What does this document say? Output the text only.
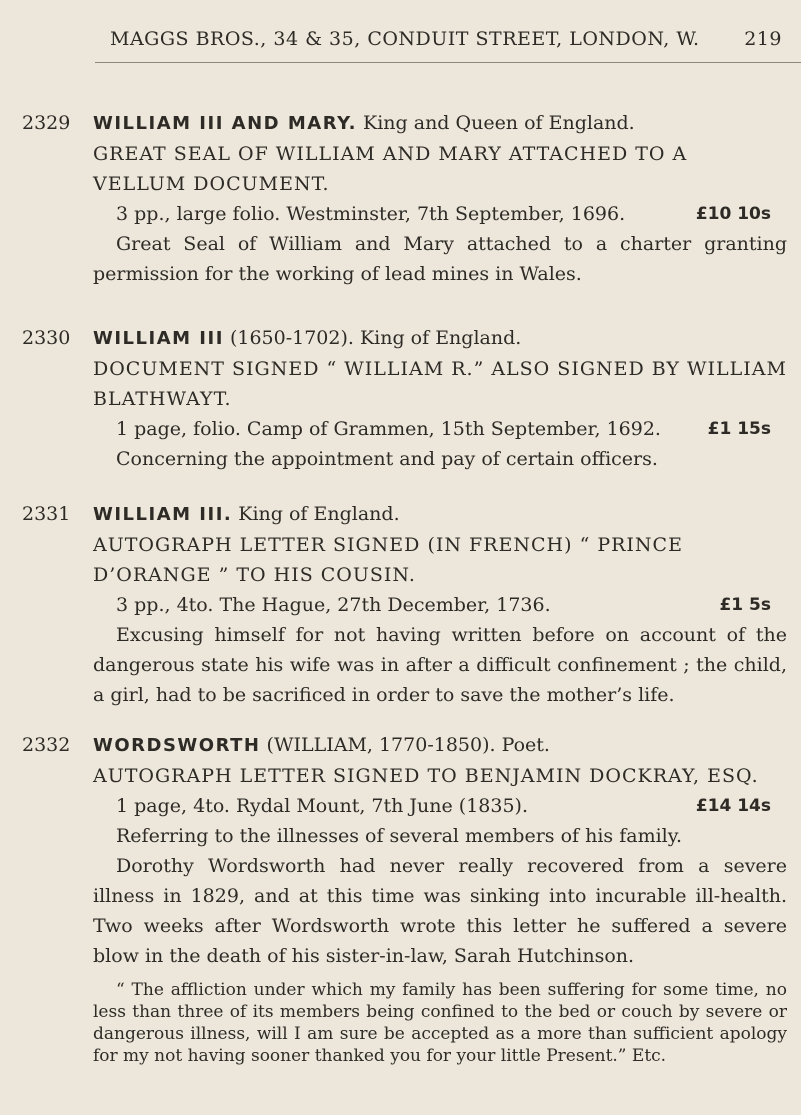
MAGGS BROS., 34 & 35, CONDUIT STREET, LONDON, W. 219
2329 WILLIAM III AND MARY. King and Queen of England.
GREAT SEAL OF WILLIAM AND MARY ATTACHED TO A VELLUM DOCUMENT.
3 pp., large folio. Westminster, 7th September, 1696.	£10 10s
Great Seal of William and Mary attached to a charter granting permission for the working of lead mines in Wales.
2330 WILLIAM III (1650-1702). King of England.
DOCUMENT SIGNED “ WILLIAM R.” ALSO SIGNED BY WILLIAM BLATHWAYT.
1 page, folio. Camp of Grammen, 15th September, 1692.	£1 15s
Concerning the appointment and pay of certain officers.
2331 WILLIAM III. King of England.
AUTOGRAPH LETTER SIGNED (IN FRENCH) “ PRINCE D’ORANGE ” TO HIS COUSIN.
3 pp., 4to. The Hague, 27th December, 1736.	£1 5s
Excusing himself for not having written before on account of the dangerous state his wife was in after a difficult confinement ; the child, a girl, had to be sacrificed in order to save the mother’s life.
2332 WORDSWORTH (WILLIAM, 1770-1850). Poet.
AUTOGRAPH LETTER SIGNED TO BENJAMIN DOCKRAY, ESQ.
1 page, 4to. Rydal Mount, 7th June (1835).	£14 14s
Referring to the illnesses of several members of his family.
Dorothy Wordsworth had never really recovered from a severe illness in 1829, and at this time was sinking into incurable ill-health. Two weeks after Wordsworth wrote this letter he suffered a severe blow in the death of his sister-in-law, Sarah Hutchinson.
“ The affliction under which my family has been suffering for some time, no less than three of its members being confined to the bed or couch by severe or dangerous illness, will I am sure be accepted as a more than sufficient apology for my not having sooner thanked you for your little Present.” Etc.
